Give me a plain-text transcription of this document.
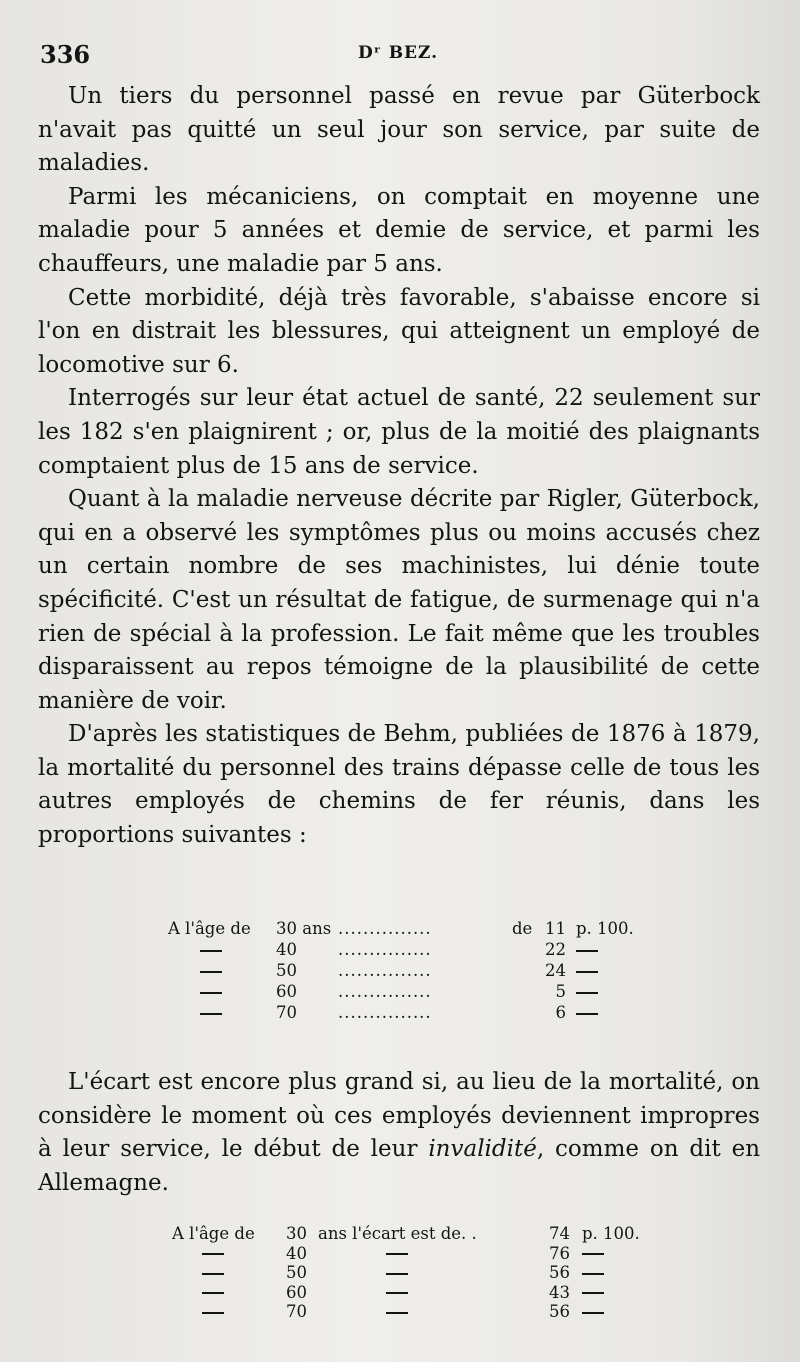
336	Dʳ BEZ.

Un tiers du personnel passé en revue par Güterbock n'avait pas quitté un seul jour son service, par suite de maladies.

Parmi les mécaniciens, on comptait en moyenne une maladie pour 5 années et demie de service, et parmi les chauffeurs, une maladie par 5 ans.

Cette morbidité, déjà très favorable, s'abaisse encore si l'on en distrait les blessures, qui atteignent un employé de locomotive sur 6.

Interrogés sur leur état actuel de santé, 22 seulement sur les 182 s'en plaignirent ; or, plus de la moitié des plaignants comptaient plus de 15 ans de service.

Quant à la maladie nerveuse décrite par Rigler, Güterbock, qui en a observé les symptômes plus ou moins accusés chez un certain nombre de ses machinistes, lui dénie toute spécificité. C'est un résultat de fatigue, de surmenage qui n'a rien de spécial à la profession. Le fait même que les troubles disparaissent au repos témoigne de la plausibilité de cette manière de voir.

D'après les statistiques de Behm, publiées de 1876 à 1879, la mortalité du personnel des trains dépasse celle de tous les autres employés de chemins de fer réunis, dans les proportions suivantes :

A l'âge de 30 ans ...............	de 11 p. 100.
40 ...............	22
50 ...............	24
60 ...............	5
70 ...............	6

L'écart est encore plus grand si, au lieu de la mortalité, on considère le moment où ces employés deviennent impropres à leur service, le début de leur invalidité, comme on dit en Allemagne.

A l'âge de 30 ans l'écart est de. .	74 p. 100.
40	76
50	56
60	43
70	56
